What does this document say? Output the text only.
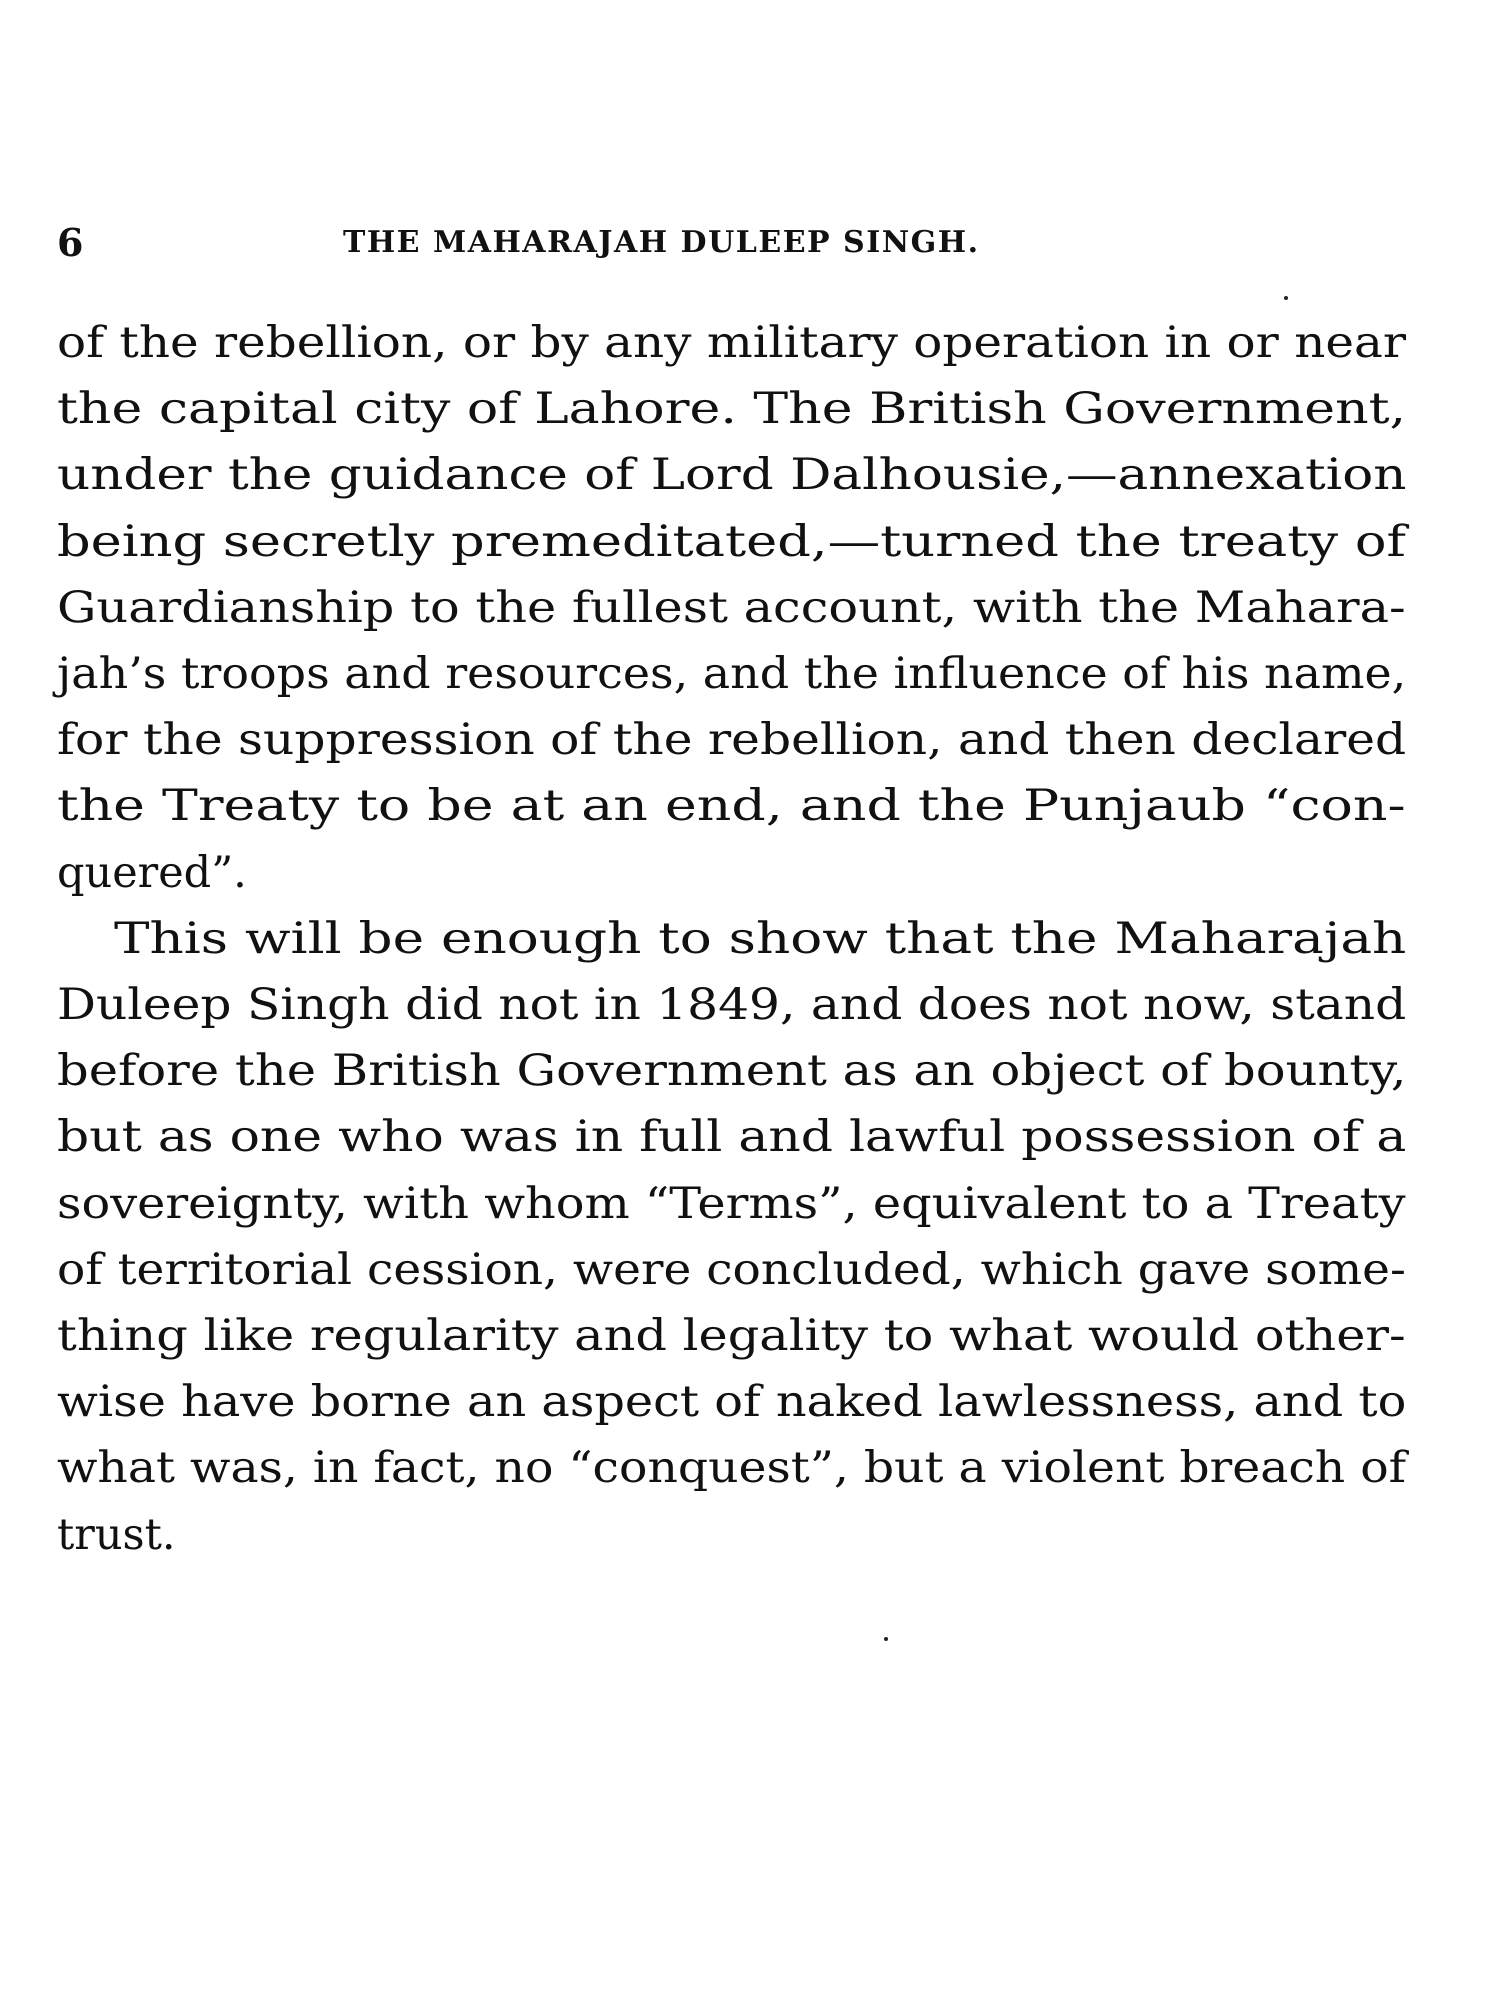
6	THE MAHARAJAH DULEEP SINGH.
of the rebellion, or by any military operation in or near
the capital city of Lahore. The British Government,
under the guidance of Lord Dalhousie,—annexation
being secretly premeditated,—turned the treaty of
Guardianship to the fullest account, with the Mahara-
jah’s troops and resources, and the influence of his name,
for the suppression of the rebellion, and then declared
the Treaty to be at an end, and the Punjaub “con-
quered”.
This will be enough to show that the Maharajah
Duleep Singh did not in 1849, and does not now, stand
before the British Government as an object of bounty,
but as one who was in full and lawful possession of a
sovereignty, with whom “Terms”, equivalent to a Treaty
of territorial cession, were concluded, which gave some-
thing like regularity and legality to what would other-
wise have borne an aspect of naked lawlessness, and to
what was, in fact, no “conquest”, but a violent breach of
trust.
